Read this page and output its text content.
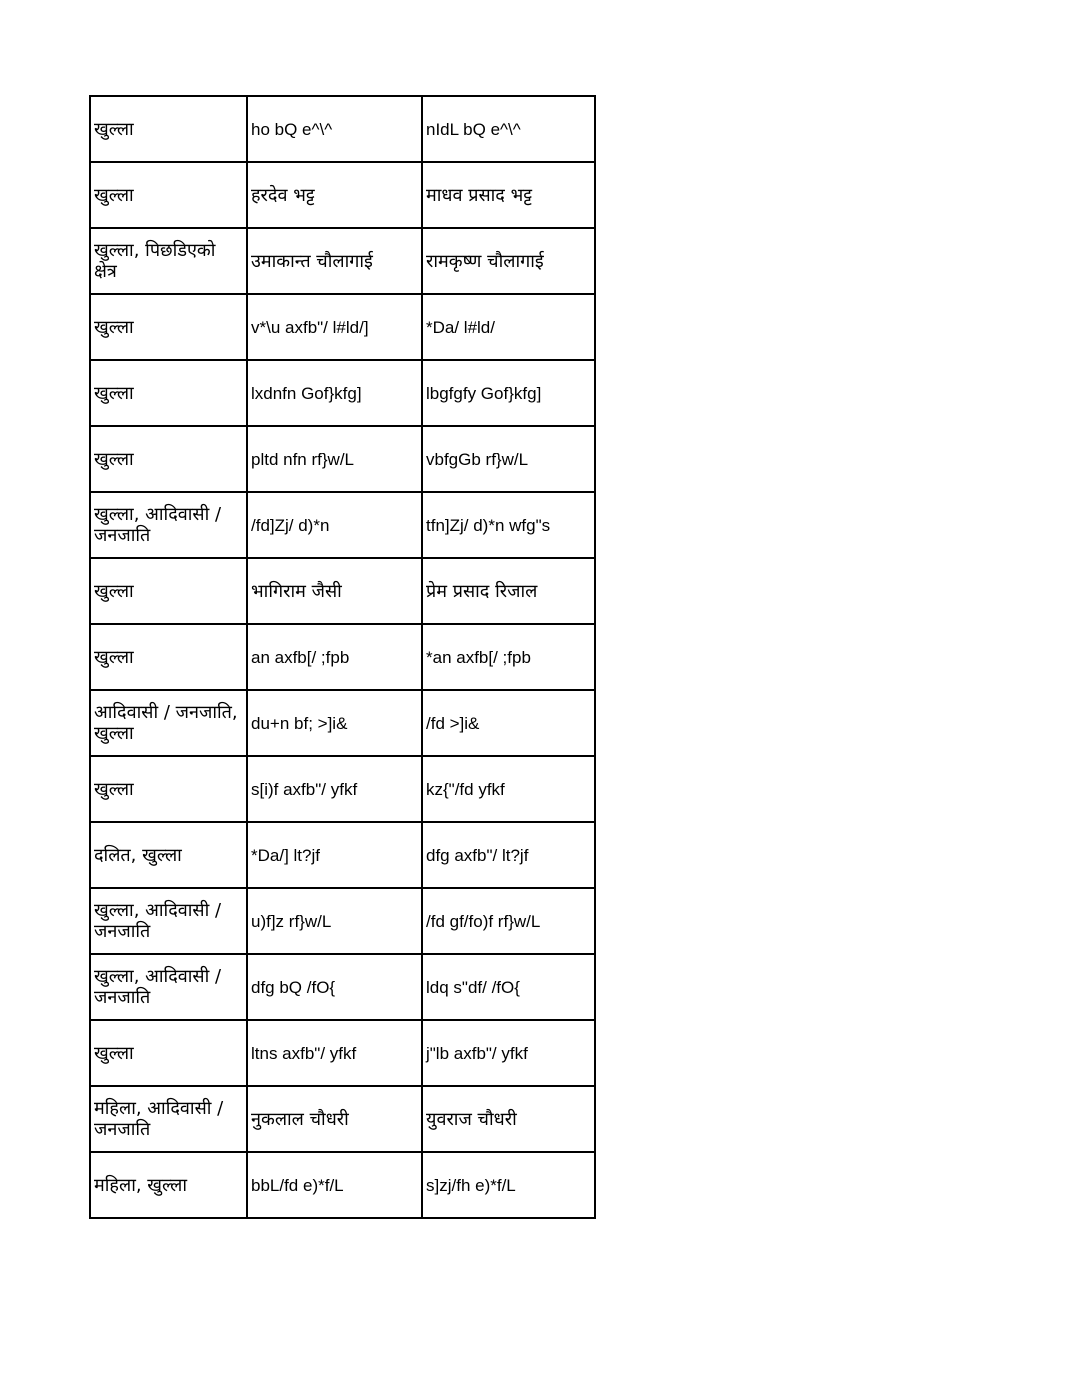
खुल्ला	ho bQ e^\^	nIdL bQ e^\^
खुल्ला	हरदेव भट्ट	माधव प्रसाद भट्ट
खुल्ला, पिछडिएको क्षेत्र	उमाकान्त चौलागाई	रामकृष्ण चौलागाई
खुल्ला	v*\u axfb"/ l#ld/]	*Da/ l#ld/
खुल्ला	lxdnfn Gof}kfg]	lbgfgfy Gof}kfg]
खुल्ला	pltd nfn rf}w/L	vbfgGb rf}w/L
खुल्ला, आदिवासी / जनजाति	/fd]Zj/ d)*n	tfn]Zj/ d)*n wfg"s
खुल्ला	भागिराम जैसी	प्रेम प्रसाद रिजाल
खुल्ला	an axfb[/ ;fpb	*an axfb[/ ;fpb
आदिवासी / जनजाति, खुल्ला	du+n bf; >]i&	/fd >]i&
खुल्ला	s[i)f axfb"/ yfkf	kz{"/fd yfkf
दलित, खुल्ला	*Da/] lt?jf	dfg axfb"/ lt?jf
खुल्ला, आदिवासी / जनजाति	u)f]z rf}w/L	/fd gf/fo)f rf}w/L
खुल्ला, आदिवासी / जनजाति	dfg bQ /fO{	ldq s"df/ /fO{
खुल्ला	ltns axfb"/ yfkf	j"lb axfb"/ yfkf
महिला, आदिवासी / जनजाति	नुकलाल चौधरी	युवराज चौधरी
महिला, खुल्ला	bbL/fd e)*f/L	s]zj/fh e)*f/L
